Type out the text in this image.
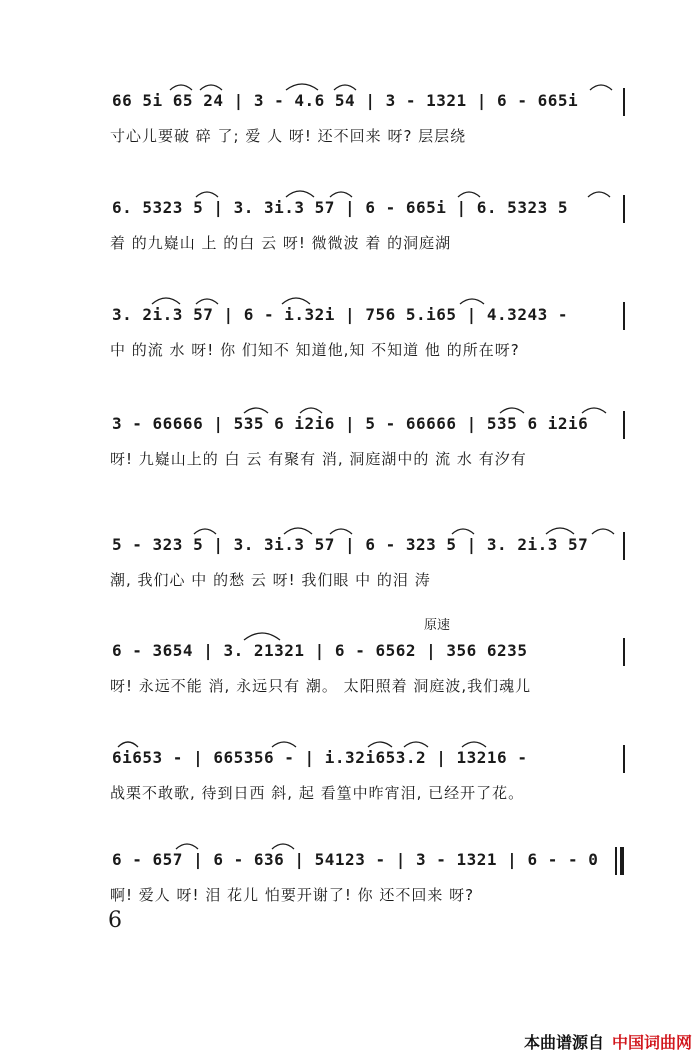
66 5i 65 24 | 3 - 4.6 54 | 3 - 1321 | 6 - 665i
寸心儿要破 碎 了; 爱 人 呀! 还不回来 呀? 层层绕
6. 5323 5 | 3. 3i.3 57 | 6 - 665i | 6. 5323 5
着 的九嶷山 上 的白 云 呀! 微微波 着 的洞庭湖
3. 2i.3 57 | 6 - i.32i | 756 5.i65 | 4.3243 -
中 的流 水 呀! 你 们知不 知道他,知 不知道 他 的所在呀?
3 - 66666 | 535 6 i2i6 | 5 - 66666 | 535 6 i2i6
呀! 九嶷山上的 白 云 有聚有 消, 洞庭湖中的 流 水 有汐有
5 - 323 5 | 3. 3i.3 57 | 6 - 323 5 | 3. 2i.3 57
潮, 我们心 中 的愁 云 呀! 我们眼 中 的泪 涛
原速
6 - 3654 | 3. 21321 | 6 - 6562 | 356 6235
呀! 永远不能 消, 永远只有 潮。 太阳照着 洞庭波,我们魂儿
6i653 - | 665356 - | i.32i653.2 | 13216 -
战栗不敢歌, 待到日西 斜, 起 看篁中昨宵泪, 已经开了花。
6 - 657 | 6 - 636 | 54123 - | 3 - 1321 | 6 - - 0
啊! 爱人 呀! 泪 花儿 怕要开谢了! 你 还不回来 呀?
6
本曲谱源自 中国词曲网
